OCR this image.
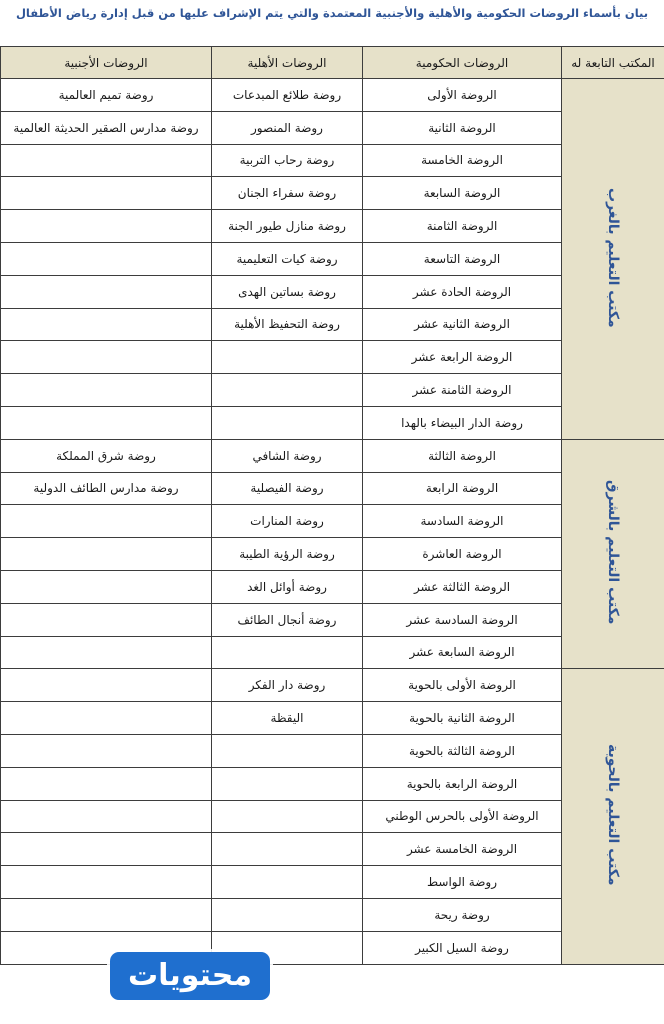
بيان بأسماء الروضات الحكومية والأهلية والأجنبية المعتمدة والتي يتم الإشراف عليها من قبل إدارة رياض الأطفال
المكتب التابعة له	الروضات الحكومية	الروضات الأهلية	الروضات الأجنبية
مكتب التعليم بالغرب	الروضة الأولى	روضة طلائع المبدعات	روضة تميم العالمية
	الروضة الثانية	روضة المنصور	روضة مدارس الصقير الحديثة العالمية
	الروضة الخامسة	روضة رحاب التربية	
	الروضة السابعة	روضة سفراء الجنان	
	الروضة الثامنة	روضة منازل طيور الجنة	
	الروضة التاسعة	روضة كيات التعليمية	
	الروضة الحادة عشر	روضة بساتين الهدى	
	الروضة الثانية عشر	روضة التحفيظ الأهلية	
	الروضة الرابعة عشر		
	الروضة الثامنة عشر		
	روضة الدار البيضاء بالهدا		
مكتب التعليم بالشرق	الروضة الثالثة	روضة الشافي	روضة شرق المملكة
	الروضة الرابعة	روضة الفيصلية	روضة مدارس الطائف الدولية
	الروضة السادسة	روضة المنارات	
	الروضة العاشرة	روضة الرؤية الطيبة	
	الروضة الثالثة عشر	روضة أوائل الغد	
	الروضة السادسة عشر	روضة أنجال الطائف	
	الروضة السابعة عشر		
مكتب التعليم بالحوية	الروضة الأولى بالحوية	روضة دار الفكر	
	الروضة الثانية بالحوية	اليقظة	
	الروضة الثالثة بالحوية		
	الروضة الرابعة بالحوية		
	الروضة الأولى بالحرس الوطني		
	الروضة الخامسة عشر		
	روضة الواسط		
	روضة ريحة		
	روضة السيل الكبير		
محتويات
